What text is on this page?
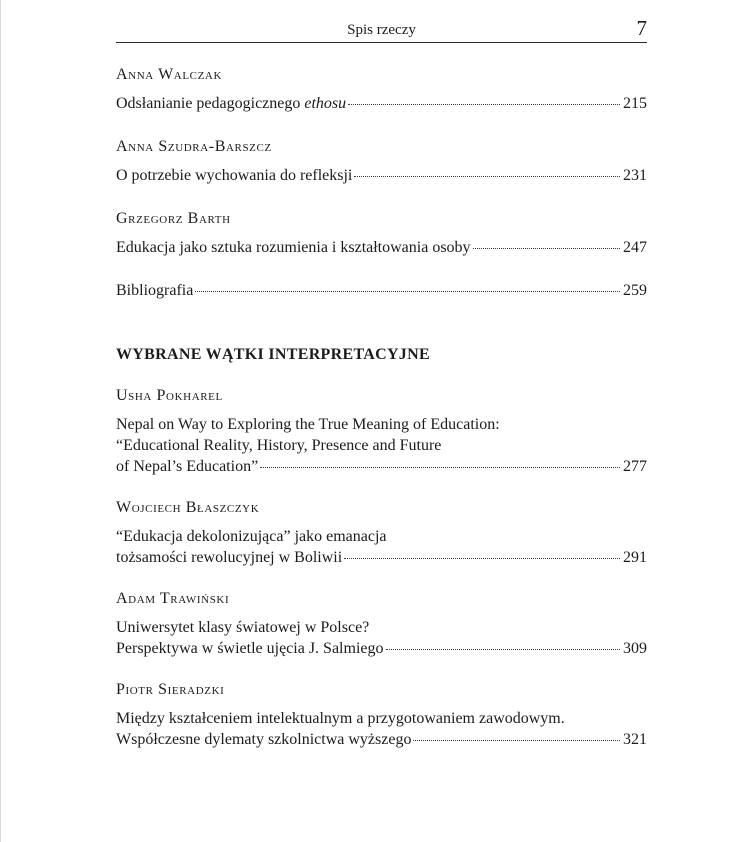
Spis rzeczy	7
Anna Walczak
Odsłanianie pedagogicznego ethosu	215
Anna Szudra-Barszcz
O potrzebie wychowania do refleksji	231
Grzegorz Barth
Edukacja jako sztuka rozumienia i kształtowania osoby	247
Bibliografia	259
WYBRANE WĄTKI INTERPRETACYJNE
Usha Pokharel
Nepal on Way to Exploring the True Meaning of Education:
“Educational Reality, History, Presence and Future
of Nepal’s Education”	277
Wojciech Błaszczyk
“Edukacja dekolonizująca” jako emanacja
tożsamości rewolucyjnej w Boliwii	291
Adam Trawiński
Uniwersytet klasy światowej w Polsce?
Perspektywa w świetle ujęcia J. Salmiego	309
Piotr Sieradzki
Między kształceniem intelektualnym a przygotowaniem zawodowym.
Współczesne dylematy szkolnictwa wyższego	321
